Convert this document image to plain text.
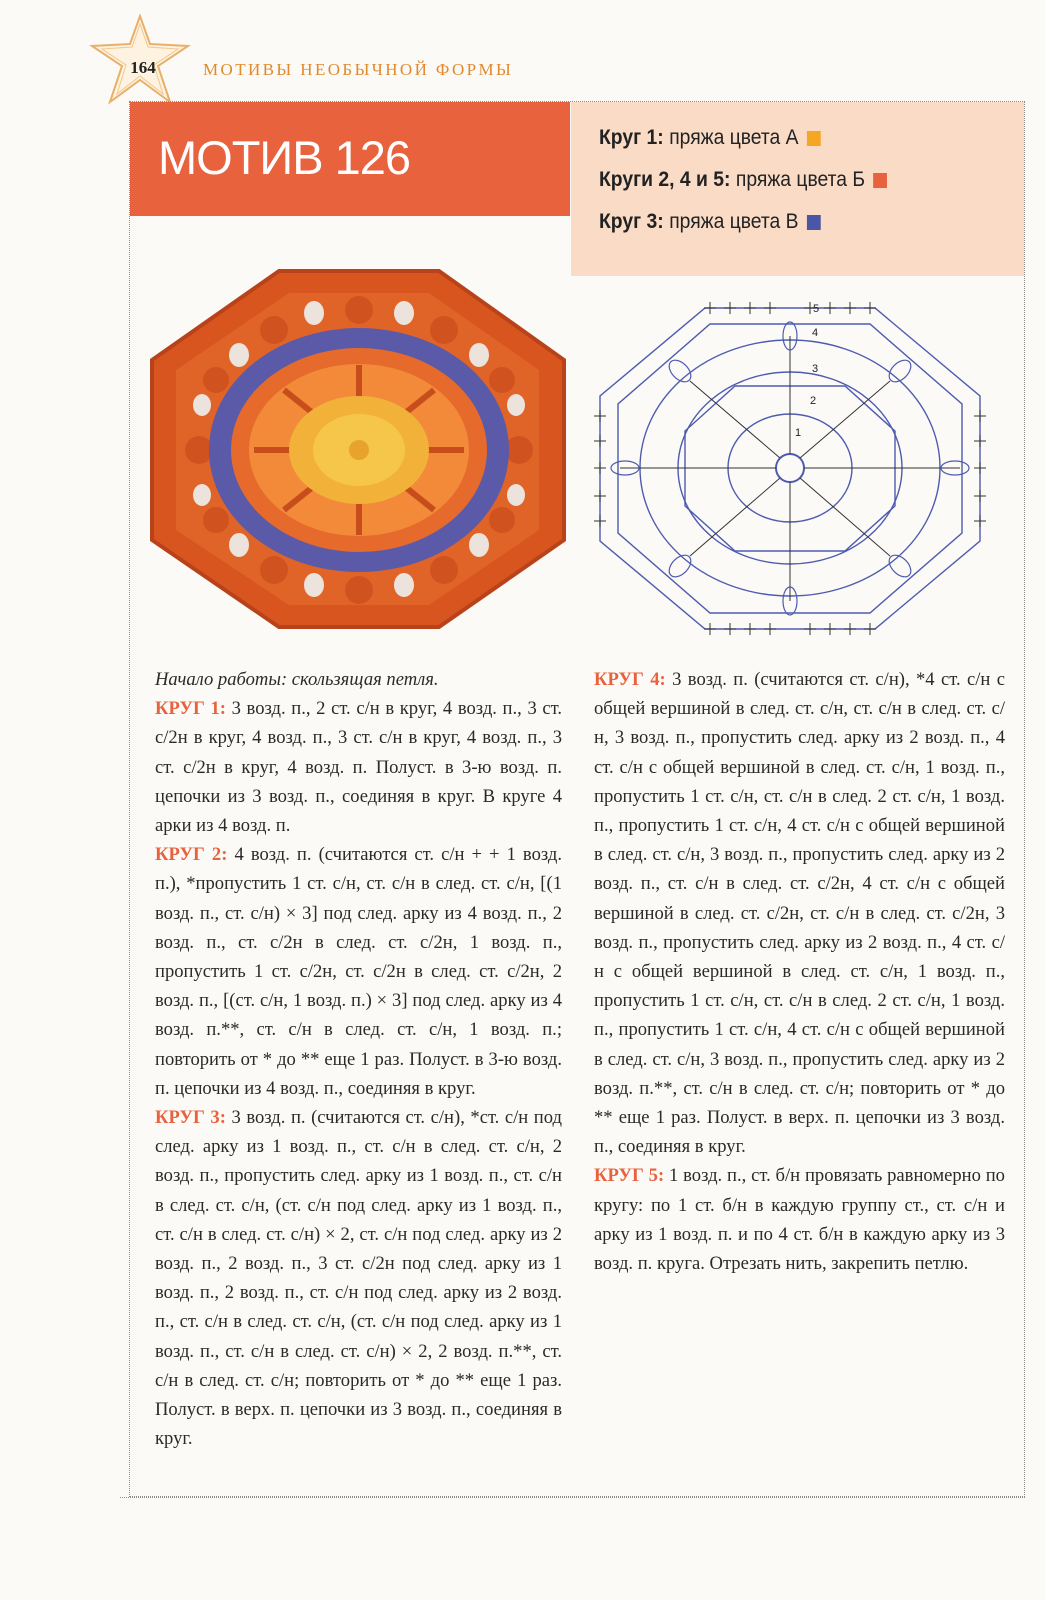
164	МОТИВЫ НЕОБЫЧНОЙ ФОРМЫ
МОТИВ 126	Круг 1: пряжа цвета А
Круги 2, 4 и 5: пряжа цвета Б
Круг 3: пряжа цвета В
1
2
3
4
5

Начало работы: скользящая петля.

КРУГ 1: 3 возд. п., 2 ст. с/н в круг, 4 возд. п., 3 ст. с/2н в круг, 4 возд. п., 3 ст. с/н в круг, 4 возд. п., 3 ст. с/2н в круг, 4 возд. п. Полуст. в 3-ю возд. п. цепочки из 3 возд. п., соединяя в круг. В круге 4 арки из 4 возд. п.

КРУГ 2: 4 возд. п. (считаются ст. с/н + + 1 возд. п.), *пропустить 1 ст. с/н, ст. с/н в след. ст. с/н, [(1 возд. п., ст. с/н) × 3] под след. арку из 4 возд. п., 2 возд. п., ст. с/2н в след. ст. с/2н, 1 возд. п., пропустить 1 ст. с/2н, ст. с/2н в след. ст. с/2н, 2 возд. п., [(ст. с/н, 1 возд. п.) × 3] под след. арку из 4 возд. п.**, ст. с/н в след. ст. с/н, 1 возд. п.; повторить от * до ** еще 1 раз. Полуст. в 3-ю возд. п. цепочки из 4 возд. п., соединяя в круг.

КРУГ 3: 3 возд. п. (считаются ст. с/н), *ст. с/н под след. арку из 1 возд. п., ст. с/н в след. ст. с/н, 2 возд. п., пропустить след. арку из 1 возд. п., ст. с/н в след. ст. с/н, (ст. с/н под след. арку из 1 возд. п., ст. с/н в след. ст. с/н) × 2, ст. с/н под след. арку из 2 возд. п., 2 возд. п., 3 ст. с/2н под след. арку из 1 возд. п., 2 возд. п., ст. с/н под след. арку из 2 возд. п., ст. с/н в след. ст. с/н, (ст. с/н под след. арку из 1 возд. п., ст. с/н в след. ст. с/н) × 2, 2 возд. п.**, ст. с/н в след. ст. с/н; повторить от * до ** еще 1 раз. Полуст. в верх. п. цепочки из 3 возд. п., соединяя в круг.

КРУГ 4: 3 возд. п. (считаются ст. с/н), *4 ст. с/н с общей вершиной в след. ст. с/н, ст. с/н в след. ст. с/н, 3 возд. п., пропустить след. арку из 2 возд. п., 4 ст. с/н с общей вершиной в след. ст. с/н, 1 возд. п., пропустить 1 ст. с/н, ст. с/н в след. 2 ст. с/н, 1 возд. п., пропустить 1 ст. с/н, 4 ст. с/н с общей вершиной в след. ст. с/н, 3 возд. п., пропустить след. арку из 2 возд. п., ст. с/н в след. ст. с/2н, 4 ст. с/н с общей вершиной в след. ст. с/2н, ст. с/н в след. ст. с/2н, 3 возд. п., пропустить след. арку из 2 возд. п., 4 ст. с/н с общей вершиной в след. ст. с/н, 1 возд. п., пропустить 1 ст. с/н, ст. с/н в след. 2 ст. с/н, 1 возд. п., пропустить 1 ст. с/н, 4 ст. с/н с общей вершиной в след. ст. с/н, 3 возд. п., пропустить след. арку из 2 возд. п.**, ст. с/н в след. ст. с/н; повторить от * до ** еще 1 раз. Полуст. в верх. п. цепочки из 3 возд. п., соединяя в круг.

КРУГ 5: 1 возд. п., ст. б/н провязать равномерно по кругу: по 1 ст. б/н в каждую группу ст., ст. с/н и арку из 1 возд. п. и по 4 ст. б/н в каждую арку из 3 возд. п. круга. Отрезать нить, закрепить петлю.
